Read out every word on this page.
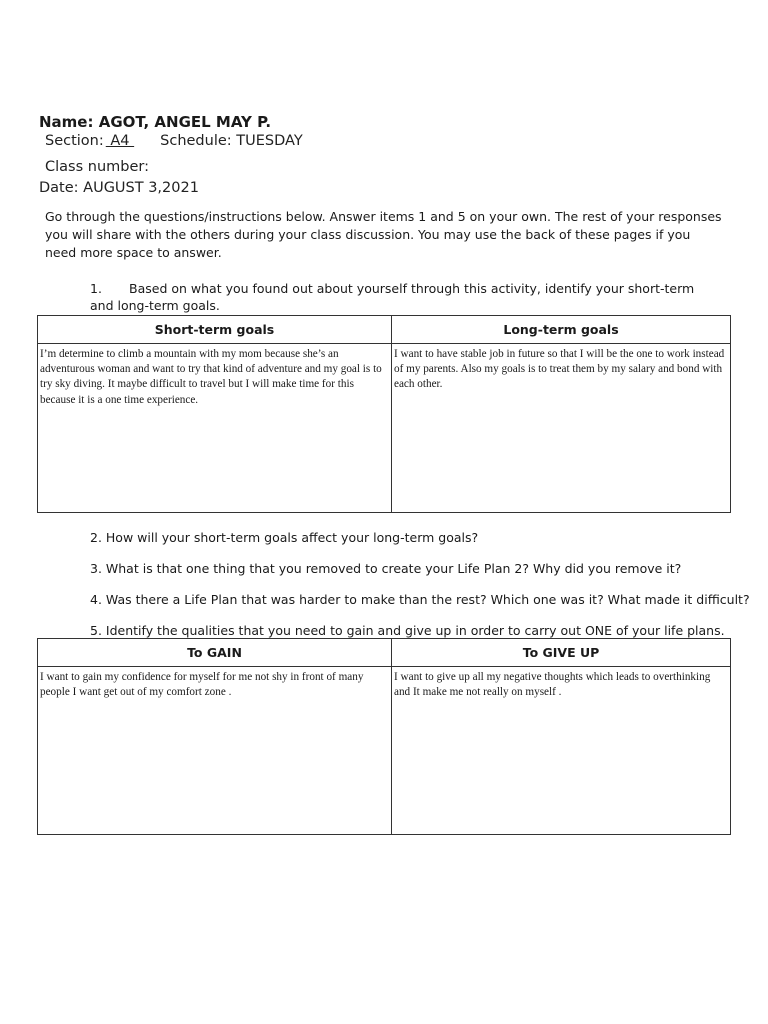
Name: AGOT, ANGEL MAY P.
Section: A4 Schedule: TUESDAY
Class number:
Date: AUGUST 3,2021
Go through the questions/instructions below. Answer items 1 and 5 on your own. The rest of your responses you will share with the others during your class discussion. You may use the back of these pages if you need more space to answer.
1. Based on what you found out about yourself through this activity, identify your short-term and long-term goals.
Short-term goals	Long-term goals
I’m determine to climb a mountain with my mom because she’s an adventurous woman and want to try that kind of adventure and my goal is to try sky diving. It maybe difficult to travel but I will make time for this because it is a one time experience.	I want to have stable job in future so that I will be the one to work instead of my parents. Also my goals is to treat them by my salary and bond with each other.
2. How will your short-term goals affect your long-term goals?
3. What is that one thing that you removed to create your Life Plan 2? Why did you remove it?
4. Was there a Life Plan that was harder to make than the rest? Which one was it? What made it difficult?
5. Identify the qualities that you need to gain and give up in order to carry out ONE of your life plans.
To GAIN	To GIVE UP
I want to gain my confidence for myself for me not shy in front of many people I want get out of my comfort zone .	I want to give up all my negative thoughts which leads to overthinking and It make me not really on myself .
